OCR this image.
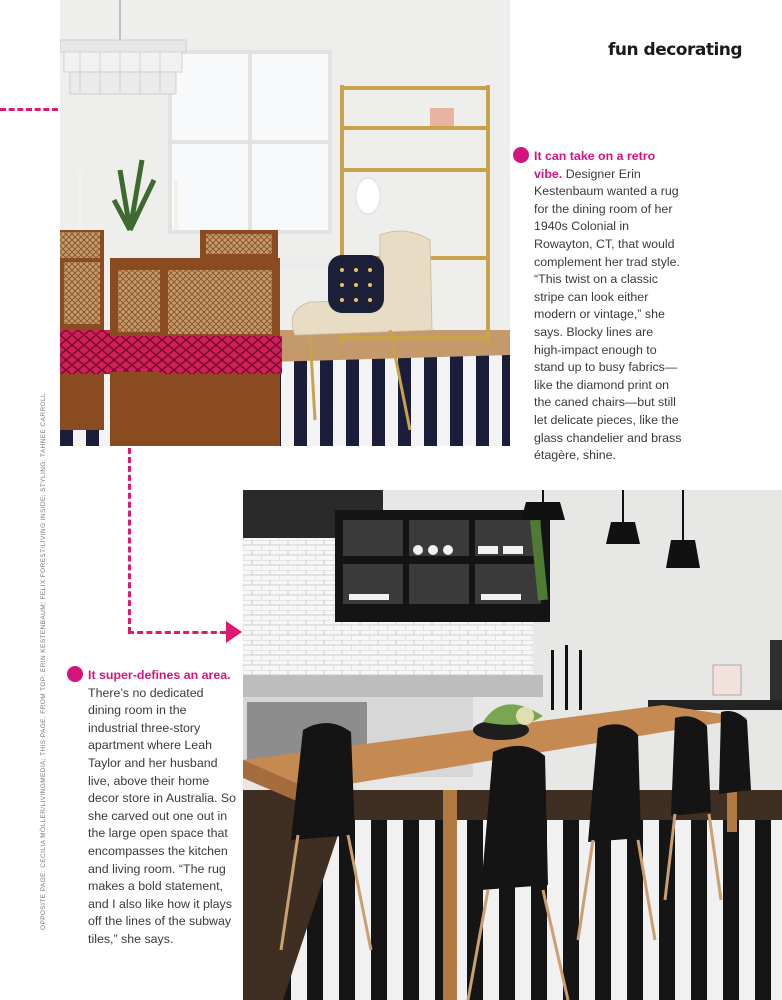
fun decorating
It can take on a retro vibe. Designer Erin Kestenbaum wanted a rug for the dining room of her 1940s Colonial in Rowayton, CT, that would complement her trad style. “This twist on a classic stripe can look either modern or vintage,” she says. Blocky lines are high-impact enough to stand up to busy fabrics—like the diamond print on the caned chairs—but still let delicate pieces, like the glass chandelier and brass étagère, shine.
It super-defines an area. There’s no dedicated dining room in the industrial three-story apartment where Leah Taylor and her husband live, above their home decor store in Australia. So she carved out one out in the large open space that encompasses the kitchen and living room. “The rug makes a bold statement, and I also like how it plays off the lines of the subway tiles,” she says.
OPPOSITE PAGE: CECILIA MÖLLER/LIVINGMEDIA; THIS PAGE, FROM TOP: ERIN KESTENBAUM; FELIX FOREST/LIVING INSIDE; STYLING: TAHNEE CARROLL
